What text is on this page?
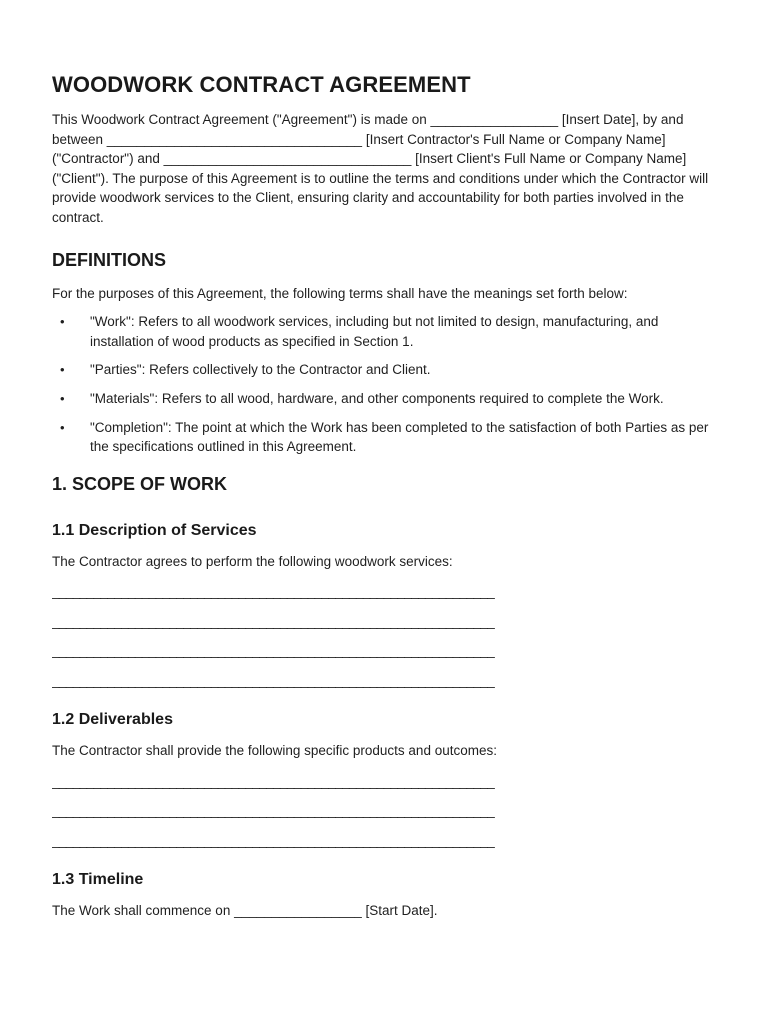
WOODWORK CONTRACT AGREEMENT

This Woodwork Contract Agreement ("Agreement") is made on _________________ [Insert Date], by and between __________________________________ [Insert Contractor's Full Name or Company Name] ("Contractor") and _________________________________ [Insert Client's Full Name or Company Name] ("Client"). The purpose of this Agreement is to outline the terms and conditions under which the Contractor will provide woodwork services to the Client, ensuring clarity and accountability for both parties involved in the contract.

DEFINITIONS

For the purposes of this Agreement, the following terms shall have the meanings set forth below:

• "Work": Refers to all woodwork services, including but not limited to design, manufacturing, and installation of wood products as specified in Section 1.
• "Parties": Refers collectively to the Contractor and Client.
• "Materials": Refers to all wood, hardware, and other components required to complete the Work.
• "Completion": The point at which the Work has been completed to the satisfaction of both Parties as per the specifications outlined in this Agreement.
1. SCOPE OF WORK
1.1 Description of Services

The Contractor agrees to perform the following woodwork services:

________________________________________________________________
________________________________________________________________
________________________________________________________________
________________________________________________________________
1.2 Deliverables

The Contractor shall provide the following specific products and outcomes:

________________________________________________________________
________________________________________________________________
________________________________________________________________
1.3 Timeline

The Work shall commence on _________________ [Start Date].
